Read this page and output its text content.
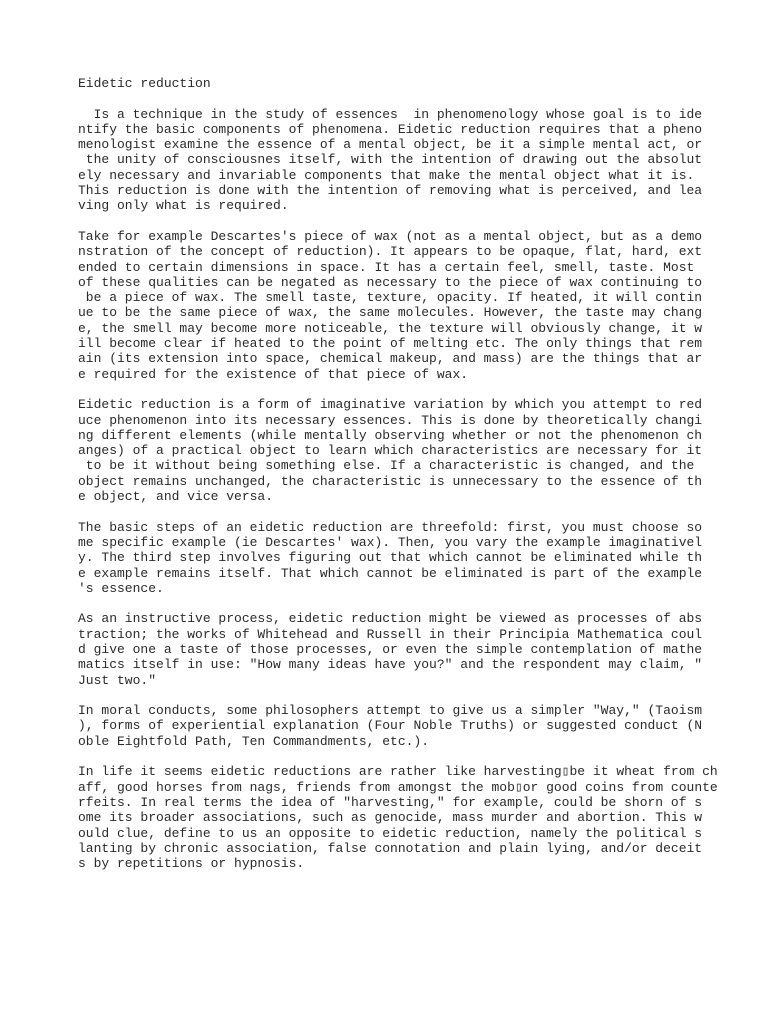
Eidetic reduction
Is a technique in the study of essences  in phenomenology whose goal is to ide
ntify the basic components of phenomena. Eidetic reduction requires that a pheno
menologist examine the essence of a mental object, be it a simple mental act, or
the unity of consciousnes itself, with the intention of drawing out the absolut
ely necessary and invariable components that make the mental object what it is.
This reduction is done with the intention of removing what is perceived, and lea
ving only what is required.
Take for example Descartes's piece of wax (not as a mental object, but as a demo
nstration of the concept of reduction). It appears to be opaque, flat, hard, ext
ended to certain dimensions in space. It has a certain feel, smell, taste. Most
of these qualities can be negated as necessary to the piece of wax continuing to
be a piece of wax. The smell taste, texture, opacity. If heated, it will contin
ue to be the same piece of wax, the same molecules. However, the taste may chang
e, the smell may become more noticeable, the texture will obviously change, it w
ill become clear if heated to the point of melting etc. The only things that rem
ain (its extension into space, chemical makeup, and mass) are the things that ar
e required for the existence of that piece of wax.
Eidetic reduction is a form of imaginative variation by which you attempt to red
uce phenomenon into its necessary essences. This is done by theoretically changi
ng different elements (while mentally observing whether or not the phenomenon ch
anges) of a practical object to learn which characteristics are necessary for it
to be it without being something else. If a characteristic is changed, and the
object remains unchanged, the characteristic is unnecessary to the essence of th
e object, and vice versa.
The basic steps of an eidetic reduction are threefold: first, you must choose so
me specific example (ie Descartes' wax). Then, you vary the example imaginativel
y. The third step involves figuring out that which cannot be eliminated while th
e example remains itself. That which cannot be eliminated is part of the example
's essence.
As an instructive process, eidetic reduction might be viewed as processes of abs
traction; the works of Whitehead and Russell in their Principia Mathematica coul
d give one a taste of those processes, or even the simple contemplation of mathe
matics itself in use: "How many ideas have you?" and the respondent may claim, "
Just two."
In moral conducts, some philosophers attempt to give us a simpler "Way," (Taoism
), forms of experiential explanation (Four Noble Truths) or suggested conduct (N
oble Eightfold Path, Ten Commandments, etc.).
In life it seems eidetic reductions are rather like harvesting▯be it wheat from ch
aff, good horses from nags, friends from amongst the mob▯or good coins from counte
rfeits. In real terms the idea of "harvesting," for example, could be shorn of s
ome its broader associations, such as genocide, mass murder and abortion. This w
ould clue, define to us an opposite to eidetic reduction, namely the political s
lanting by chronic association, false connotation and plain lying, and/or deceit
s by repetitions or hypnosis.
